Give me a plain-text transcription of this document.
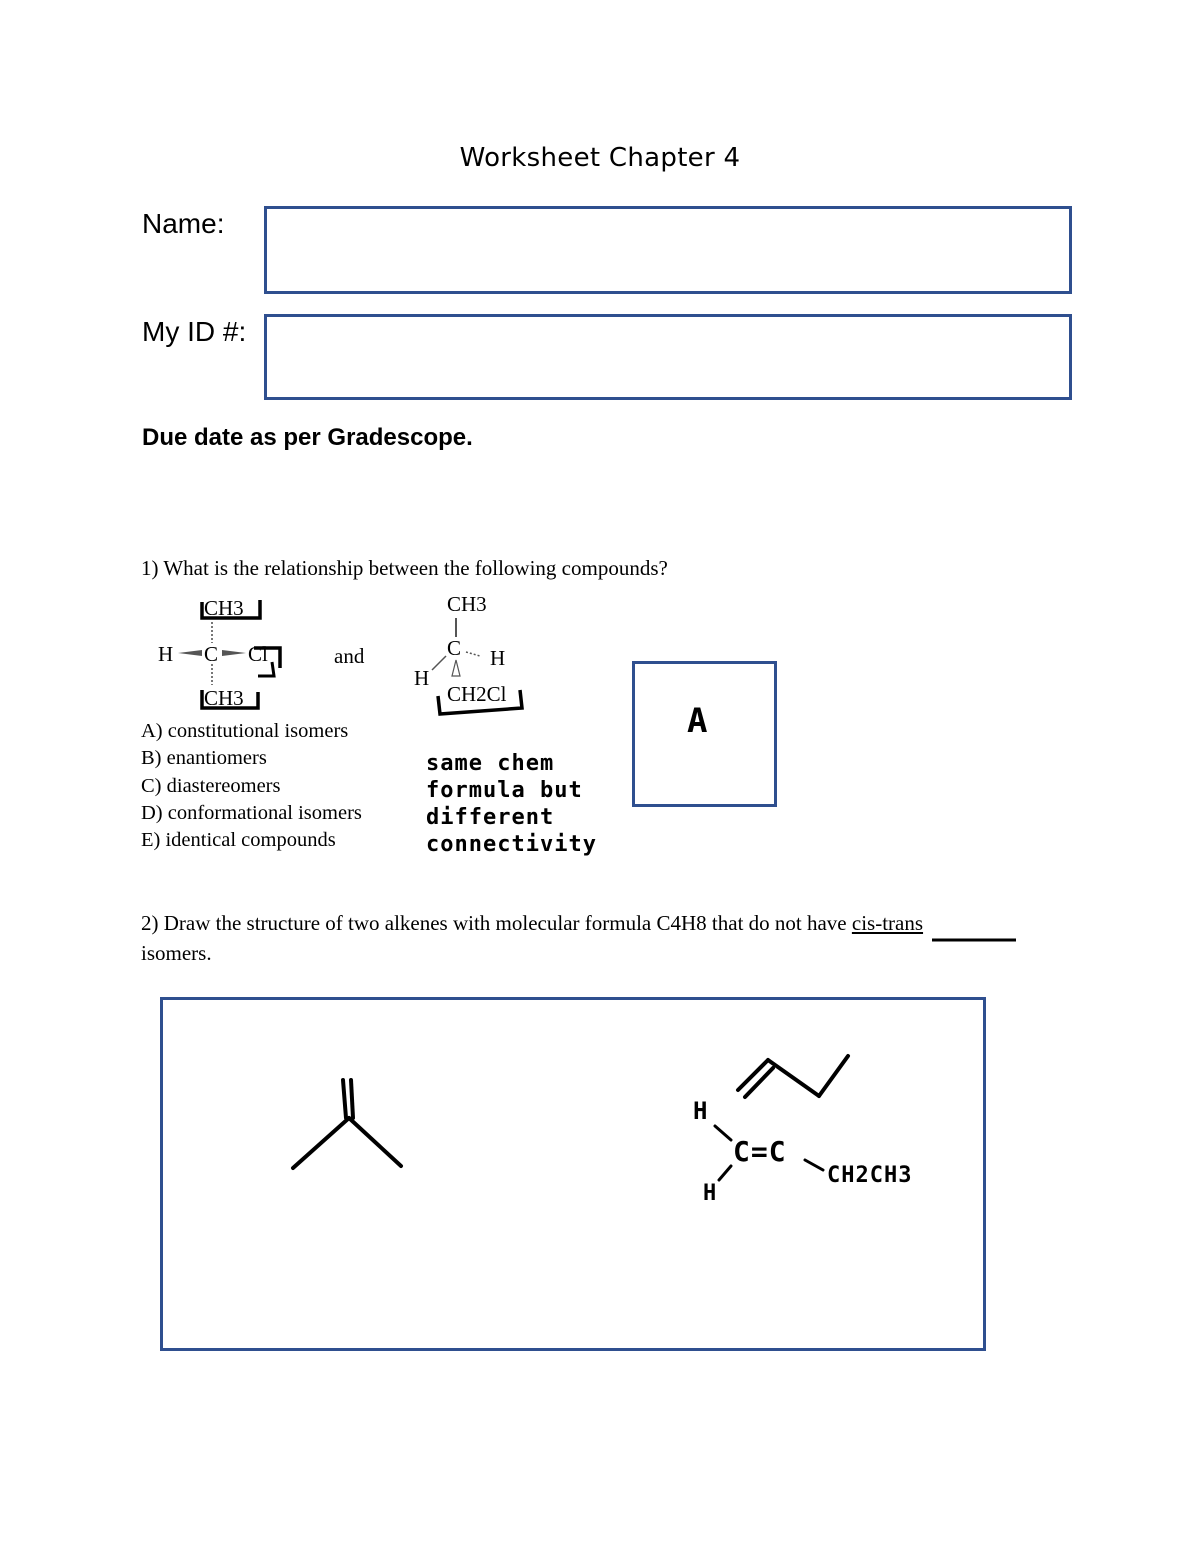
Worksheet Chapter 4
Name:
My ID #:
Due date as per Gradescope.
1) What is the relationship between the following compounds?
CH3
H C Cl
CH3
and
CH3
C H
H
CH2Cl
A) constitutional isomers
B) enantiomers
C) diastereomers
D) conformational isomers
E) identical compounds
same chem
formula but
different
connectivity
A
2) Draw the structure of two alkenes with molecular formula C4H8 that do not have cis-trans
isomers.
H
H
C=C
CH2CH3
